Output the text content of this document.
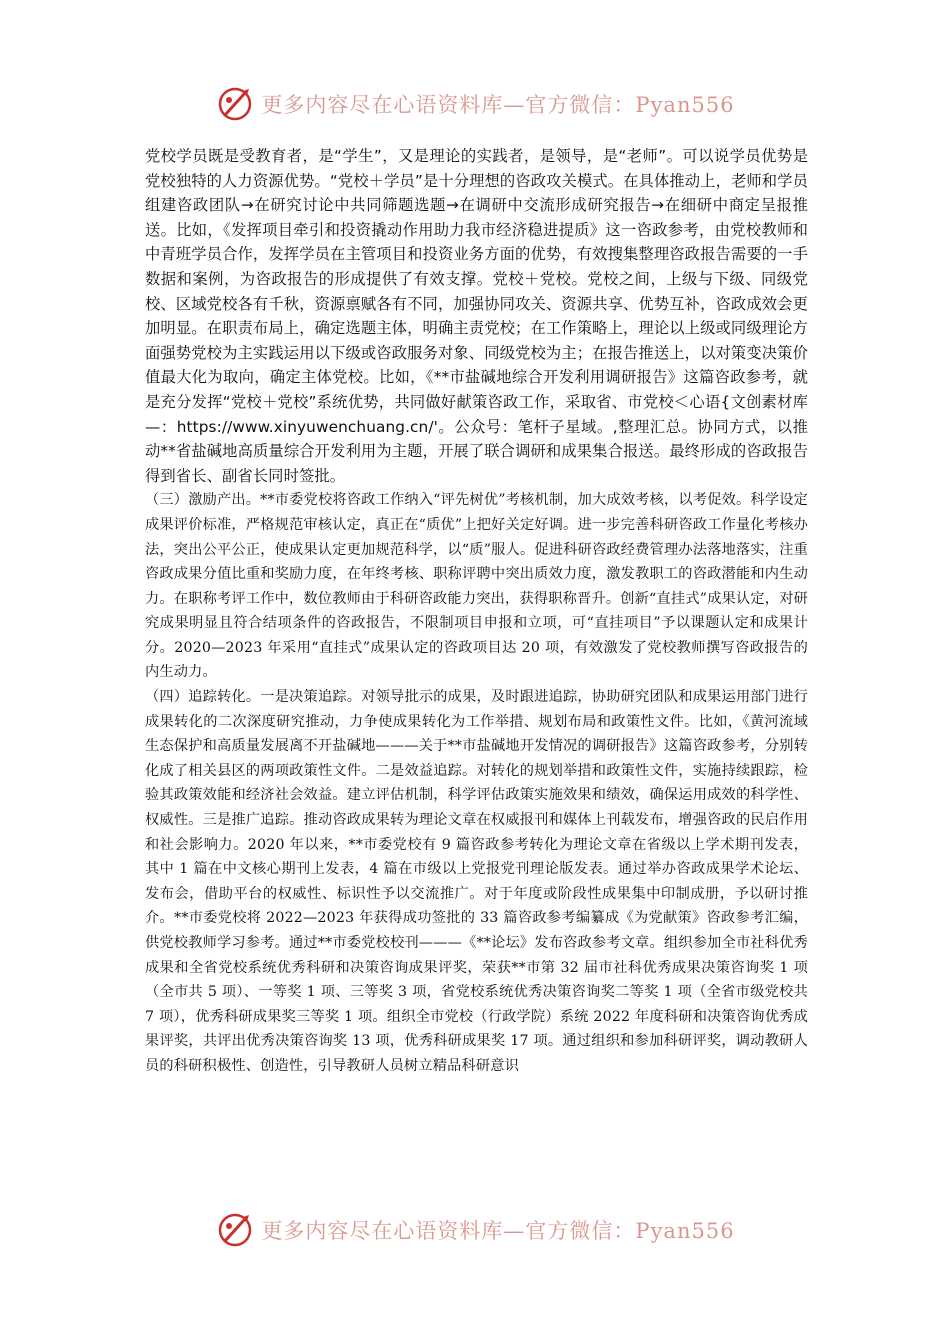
更多内容尽在心语资料库—官方微信：Pyan556

党校学员既是受教育者，是“学生”，又是理论的实践者，是领导，是“老师”。可以说学员优势是党校独特的人力资源优势。“党校＋学员”是十分理想的咨政攻关模式。在具体推动上，老师和学员组建咨政团队→在研究讨论中共同筛题选题→在调研中交流形成研究报告→在细研中商定呈报推送。比如，《发挥项目牵引和投资撬动作用助力我市经济稳进提质》这一咨政参考，由党校教师和中青班学员合作，发挥学员在主管项目和投资业务方面的优势，有效搜集整理咨政报告需要的一手数据和案例，为咨政报告的形成提供了有效支撑。党校＋党校。党校之间，上级与下级、同级党校、区域党校各有千秋，资源禀赋各有不同，加强协同攻关、资源共享、优势互补，咨政成效会更加明显。在职责布局上，确定选题主体，明确主责党校；在工作策略上，理论以上级或同级理论方面强势党校为主实践运用以下级或咨政服务对象、同级党校为主；在报告推送上，以对策变决策价值最大化为取向，确定主体党校。比如，《**市盐碱地综合开发利用调研报告》这篇咨政参考，就是充分发挥“党校＋党校”系统优势，共同做好献策咨政工作，采取省、市党校＜心语{文创素材库—：https://www.xinyuwenchuang.cn/'。公众号：笔杆子星域。,整理汇总。协同方式，以推动**省盐碱地高质量综合开发利用为主题，开展了联合调研和成果集合报送。最终形成的咨政报告得到省长、副省长同时签批。

（三）激励产出。**市委党校将咨政工作纳入“评先树优”考核机制，加大成效考核，以考促效。科学设定成果评价标准，严格规范审核认定，真正在“质优”上把好关定好调。进一步完善科研咨政工作量化考核办法，突出公平公正，使成果认定更加规范科学，以“质”服人。促进科研咨政经费管理办法落地落实，注重咨政成果分值比重和奖励力度，在年终考核、职称评聘中突出质效力度，激发教职工的咨政潜能和内生动力。在职称考评工作中，数位教师由于科研咨政能力突出，获得职称晋升。创新“直挂式”成果认定，对研究成果明显且符合结项条件的咨政报告，不限制项目申报和立项，可“直挂项目”予以课题认定和成果计分。2020—2023 年采用“直挂式”成果认定的咨政项目达 20 项，有效激发了党校教师撰写咨政报告的内生动力。

（四）追踪转化。一是决策追踪。对领导批示的成果，及时跟进追踪，协助研究团队和成果运用部门进行成果转化的二次深度研究推动，力争使成果转化为工作举措、规划布局和政策性文件。比如，《黄河流域生态保护和高质量发展离不开盐碱地———关于**市盐碱地开发情况的调研报告》这篇咨政参考，分别转化成了相关县区的两项政策性文件。二是效益追踪。对转化的规划举措和政策性文件，实施持续跟踪，检验其政策效能和经济社会效益。建立评估机制，科学评估政策实施效果和绩效，确保运用成效的科学性、权威性。三是推广追踪。推动咨政成果转为理论文章在权威报刊和媒体上刊载发布，增强咨政的民启作用和社会影响力。2020 年以来，**市委党校有 9 篇咨政参考转化为理论文章在省级以上学术期刊发表，其中 1 篇在中文核心期刊上发表，4 篇在市级以上党报党刊理论版发表。通过举办咨政成果学术论坛、发布会，借助平台的权威性、标识性予以交流推广。对于年度或阶段性成果集中印制成册，予以研讨推介。**市委党校将 2022—2023 年获得成功签批的 33 篇咨政参考编纂成《为党献策》咨政参考汇编，供党校教师学习参考。通过**市委党校校刊———《**论坛》发布咨政参考文章。组织参加全市社科优秀成果和全省党校系统优秀科研和决策咨询成果评奖，荣获**市第 32 届市社科优秀成果决策咨询奖 1 项（全市共 5 项）、一等奖 1 项、三等奖 3 项，省党校系统优秀决策咨询奖二等奖 1 项（全省市级党校共 7 项），优秀科研成果奖三等奖 1 项。组织全市党校（行政学院）系统 2022 年度科研和决策咨询优秀成果评奖，共评出优秀决策咨询奖 13 项，优秀科研成果奖 17 项。通过组织和参加科研评奖，调动教研人员的科研积极性、创造性，引导教研人员树立精品科研意识

更多内容尽在心语资料库—官方微信：Pyan556
